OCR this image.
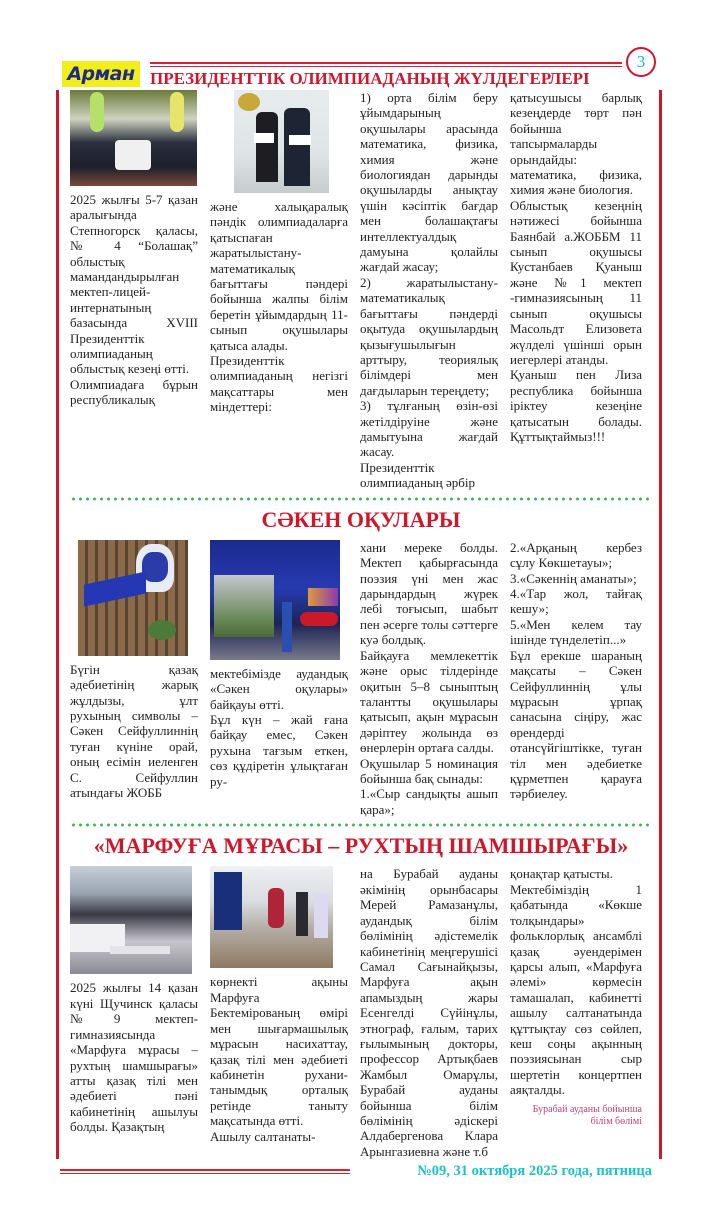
Арман ПРЕЗИДЕНТТІК ОЛИМПИАДАНЫҢ ЖҮЛДЕГЕРЛЕРІ
3

2025 жылғы 5-7 қазан аралығында Степногорск қаласы, № 4 “Болашақ” облыстық мамандандырылған мектеп-лицей-интернатының базасында XVIII Президенттік олимпиаданың облыстық кезеңі өтті.

Олимпиадаға бұрын республикалық

және халықаралық пәндік олимпиадаларға қатыспаған жаратылыстану-математикалық бағыттағы пәндері бойынша жалпы білім беретін ұйымдардың 11-сынып оқушылары қатыса алады.

Президенттік олимпиаданың негізгі мақсаттары мен міндеттері:

1) орта білім беру ұйымдарының оқушылары арасында математика, физика, химия және биологиядан дарынды оқушыларды анықтау үшін кәсіптік бағдар мен болашақтағы интеллектуалдық дамуына қолайлы жағдай жасау;

2) жаратылыстану-математикалық бағыттағы пәндерді оқытуда оқушылардың қызығушылығын арттыру, теориялық білімдері мен дағдыларын тереңдету;

3) тұлғаның өзін-өзі жетілдіруіне және дамытуына жағдай жасау.

Президенттік олимпиаданың әрбір

қатысушысы барлық кезеңдерде төрт пән бойынша тапсырмаларды орындайды: математика, физика, химия және биология.

Облыстық кезеңнің нәтижесі бойынша Баянбай а.ЖОББМ 11 сынып оқушысы Кустанбаев Қуаныш және №1 мектеп -гимназиясының 11 сынып оқушысы Масольдт Елизовета жүлделі үшінші орын иегерлері атанды.

Қуаныш пен Лиза республика бойынша іріктеу кезеңіне қатысатын болады. Құттықтаймыз!!!

СӘКЕН ОҚУЛАРЫ

Бүгін қазақ әдебиетінің жарық жұлдызы, ұлт рухының символы – Сәкен Сейфуллиннің туған күніне орай, оның есімін иеленген С. Сейфуллин атындағы ЖОББ

мектебімізде аудандық «Сәкен оқулары» байқауы өтті.

Бұл күн – жай ғана байқау емес, Сәкен рухына тағзым еткен, сөз құдіретін ұлықтаған ру-

хани мереке болды. Мектеп қабырғасында поэзия үні мен жас дарындардың жүрек лебі тоғысып, шабыт пен әсерге толы сәттерге куә болдық.

Байқауға мемлекеттік және орыс тілдерінде оқитын 5–8 сыныптың талантты оқушылары қатысып, ақын мұрасын дәріптеу жолында өз өнерлерін ортаға салды.

Оқушылар 5 номинация бойынша бақ сынады:

1.«Сыр сандықты ашып қара»;

2.«Арқаның кербез сұлу Көкшетауы»;

3.«Сәкеннің аманаты»;

4.«Тар жол, тайғақ кешу»;

5.«Мен келем тау ішінде түнделетіп...»

Бұл ерекше шараның мақсаты – Сәкен Сейфуллиннің ұлы мұрасын ұрпақ санасына сіңіру, жас өрендерді отансүйгіштікке, туған тіл мен әдебиетке құрметпен қарауға тәрбиелеу.

«МАРФУҒА МҰРАСЫ – РУХТЫҢ ШАМШЫРАҒЫ»

2025 жылғы 14 қазан күні Щучинск қаласы №9 мектеп-гимназиясында «Марфуға мұрасы – рухтың шамшырағы» атты қазақ тілі мен әдебиеті пәні кабинетінің ашылуы болды. Қазақтың

көрнекті ақыны Марфуға Бектемірованың өмірі мен шығармашылық мұрасын насихаттау, қазақ тілі мен әдебиеті кабинетін рухани-танымдық орталық ретінде таныту мақсатында өтті.

Ашылу салтанаты-

на Бурабай ауданы әкімінің орынбасары Мерей Рамазанұлы, аудандық білім бөлімінің әдістемелік кабинетінің меңгерушісі Самал Сағынайқызы, Марфуға ақын апамыздың жары Есенгелді Сүйінұлы, этнограф, ғалым, тарих ғылымының докторы, профессор Артықбаев Жамбыл Омарұлы, Бурабай ауданы бойынша білім бөлімінің әдіскері Алдабергенова Клара Арынгазиевна және т.б

қонақтар қатысты.

Мектебіміздің 1 қабатында «Көкше толқындары» фольклорлық ансамблі қазақ әуендерімен қарсы алып, «Марфуға әлемі» көрмесін тамашалап, кабинетті ашылу салтанатында құттықтау сөз сөйлеп, кеш соңы ақынның поэзиясынан сыр шертетін концертпен аяқталды.

Бурабай ауданы бойынша
білім бөлімі
№09, 31 октября 2025 года, пятница
